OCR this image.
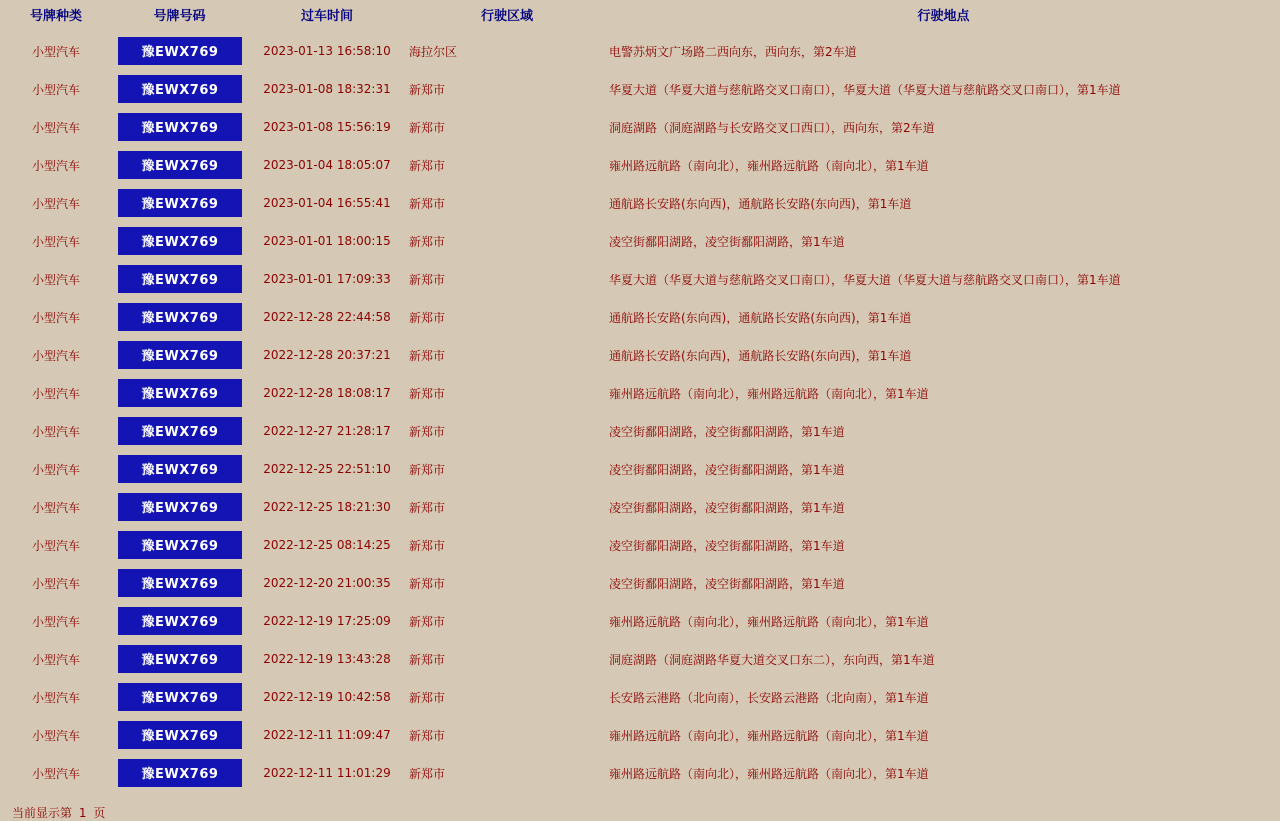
号牌种类	号牌号码	过车时间	行驶区域	行驶地点
小型汽车	豫EWX769	2023-01-13 16:58:10	海拉尔区	电警苏炳文广场路二西向东，西向东，第2车道
小型汽车	豫EWX769	2023-01-08 18:32:31	新郑市	华夏大道（华夏大道与慈航路交叉口南口），华夏大道（华夏大道与慈航路交叉口南口），第1车道
小型汽车	豫EWX769	2023-01-08 15:56:19	新郑市	洞庭湖路（洞庭湖路与长安路交叉口西口），西向东，第2车道
小型汽车	豫EWX769	2023-01-04 18:05:07	新郑市	雍州路远航路（南向北），雍州路远航路（南向北），第1车道
小型汽车	豫EWX769	2023-01-04 16:55:41	新郑市	通航路长安路(东向西)，通航路长安路(东向西)，第1车道
小型汽车	豫EWX769	2023-01-01 18:00:15	新郑市	凌空街鄱阳湖路，凌空街鄱阳湖路，第1车道
小型汽车	豫EWX769	2023-01-01 17:09:33	新郑市	华夏大道（华夏大道与慈航路交叉口南口），华夏大道（华夏大道与慈航路交叉口南口），第1车道
小型汽车	豫EWX769	2022-12-28 22:44:58	新郑市	通航路长安路(东向西)，通航路长安路(东向西)，第1车道
小型汽车	豫EWX769	2022-12-28 20:37:21	新郑市	通航路长安路(东向西)，通航路长安路(东向西)，第1车道
小型汽车	豫EWX769	2022-12-28 18:08:17	新郑市	雍州路远航路（南向北），雍州路远航路（南向北），第1车道
小型汽车	豫EWX769	2022-12-27 21:28:17	新郑市	凌空街鄱阳湖路，凌空街鄱阳湖路，第1车道
小型汽车	豫EWX769	2022-12-25 22:51:10	新郑市	凌空街鄱阳湖路，凌空街鄱阳湖路，第1车道
小型汽车	豫EWX769	2022-12-25 18:21:30	新郑市	凌空街鄱阳湖路，凌空街鄱阳湖路，第1车道
小型汽车	豫EWX769	2022-12-25 08:14:25	新郑市	凌空街鄱阳湖路，凌空街鄱阳湖路，第1车道
小型汽车	豫EWX769	2022-12-20 21:00:35	新郑市	凌空街鄱阳湖路，凌空街鄱阳湖路，第1车道
小型汽车	豫EWX769	2022-12-19 17:25:09	新郑市	雍州路远航路（南向北），雍州路远航路（南向北），第1车道
小型汽车	豫EWX769	2022-12-19 13:43:28	新郑市	洞庭湖路（洞庭湖路华夏大道交叉口东二），东向西，第1车道
小型汽车	豫EWX769	2022-12-19 10:42:58	新郑市	长安路云港路（北向南），长安路云港路（北向南），第1车道
小型汽车	豫EWX769	2022-12-11 11:09:47	新郑市	雍州路远航路（南向北），雍州路远航路（南向北），第1车道
小型汽车	豫EWX769	2022-12-11 11:01:29	新郑市	雍州路远航路（南向北），雍州路远航路（南向北），第1车道
当前显示第 1 页
